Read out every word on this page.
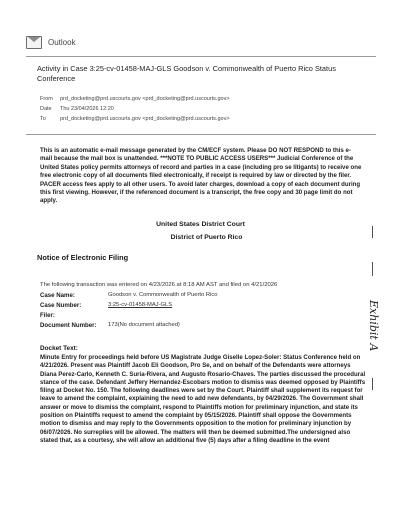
Outlook
Activity in Case 3:25-cv-01458-MAJ-GLS Goodson v. Commonwealth of Puerto Rico Status Conference
From	prd_docketing@prd.uscourts.gov <prd_docketing@prd.uscourts.gov>
Date	Thu 23/04/2026 12:20
To	prd_docketing@prd.uscourts.gov <prd_docketing@prd.uscourts.gov>
This is an automatic e-mail message generated by the CM/ECF system. Please DO NOT RESPOND to this e-mail because the mail box is unattended. ***NOTE TO PUBLIC ACCESS USERS*** Judicial Conference of the United States policy permits attorneys of record and parties in a case (including pro se litigants) to receive one free electronic copy of all documents filed electronically, if receipt is required by law or directed by the filer. PACER access fees apply to all other users. To avoid later charges, download a copy of each document during this first viewing. However, if the referenced document is a transcript, the free copy and 30 page limit do not apply.
United States District Court
District of Puerto Rico
Notice of Electronic Filing
The following transaction was entered on 4/23/2026 at 8:18 AM AST and filed on 4/21/2026
Case Name:	Goodson v. Commonwealth of Puerto Rico
Case Number:	3:25-cv-01458-MAJ-GLS
Filer:
Document Number:	173(No document attached)
Docket Text:
Minute Entry for proceedings held before US Magistrate Judge Giselle Lopez-Soler: Status Conference held on 4/21/2026. Present was Plaintiff Jacob Eli Goodson, Pro Se, and on behalf of the Defendants were attorneys Diana Perez-Carlo, Kenneth C. Suria-Rivera, and Augusto Rosario-Chaves. The parties discussed the procedural stance of the case. Defendant Jeffery Hernandez-Escobars motion to dismiss was deemed opposed by Plaintiffs filing at Docket No. 150. The following deadlines were set by the Court. Plaintiff shall supplement its request for leave to amend the complaint, explaining the need to add new defendants, by 04/29/2026. The Government shall answer or move to dismiss the complaint, respond to Plaintiffs motion for preliminary injunction, and state its position on Plaintiffs request to amend the complaint by 05/15/2026. Plaintiff shall oppose the Governments motion to dismiss and may reply to the Governments opposition to the motion for preliminary injunction by 06/07/2026. No surreplies will be allowed. The matters will then be deemed submitted.The undersigned also stated that, as a courtesy, she will allow an additional five (5) days after a filing deadline in the event
Exhibit A
